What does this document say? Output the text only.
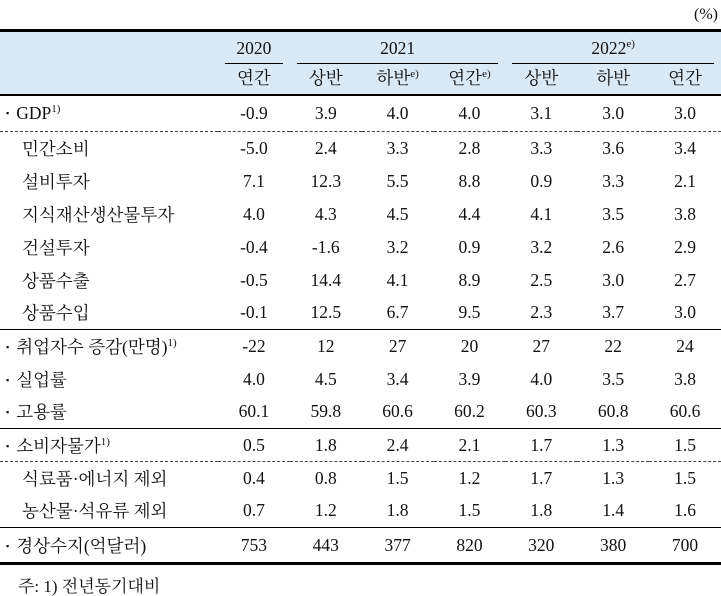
(%)

	2020	2021			2022$^{e)}$

	연간	상반	하반$^{e)}$	연간$^{e)}$	상반	하반	연간
▪ GDP$^{1)}$	-0.9	3.9	4.0	4.0	3.1	3.0	3.0
민간소비	-5.0	2.4	3.3	2.8	3.3	3.6	3.4
설비투자	7.1	12.3	5.5	8.8	0.9	3.3	2.1
지식재산생산물투자	4.0	4.3	4.5	4.4	4.1	3.5	3.8
건설투자	-0.4	-1.6	3.2	0.9	3.2	2.6	2.9
상품수출	-0.5	14.4	4.1	8.9	2.5	3.0	2.7
상품수입	-0.1	12.5	6.7	9.5	2.3	3.7	3.0
▪ 취업자수 증감(만명)$^{1)}$	-22	12	27	20	27	22	24
▪ 실업률	4.0	4.5	3.4	3.9	4.0	3.5	3.8
▪ 고용률	60.1	59.8	60.6	60.2	60.3	60.8	60.6
▪ 소비자물가$^{1)}$	0.5	1.8	2.4	2.1	1.7	1.3	1.5
식료품·에너지 제외	0.4	0.8	1.5	1.2	1.7	1.3	1.5
농산물·석유류 제외	0.7	1.2	1.8	1.5	1.8	1.4	1.6
▪ 경상수지(억달러)	753	443	377	820	320	380	700
주: 1) 전년동기대비
